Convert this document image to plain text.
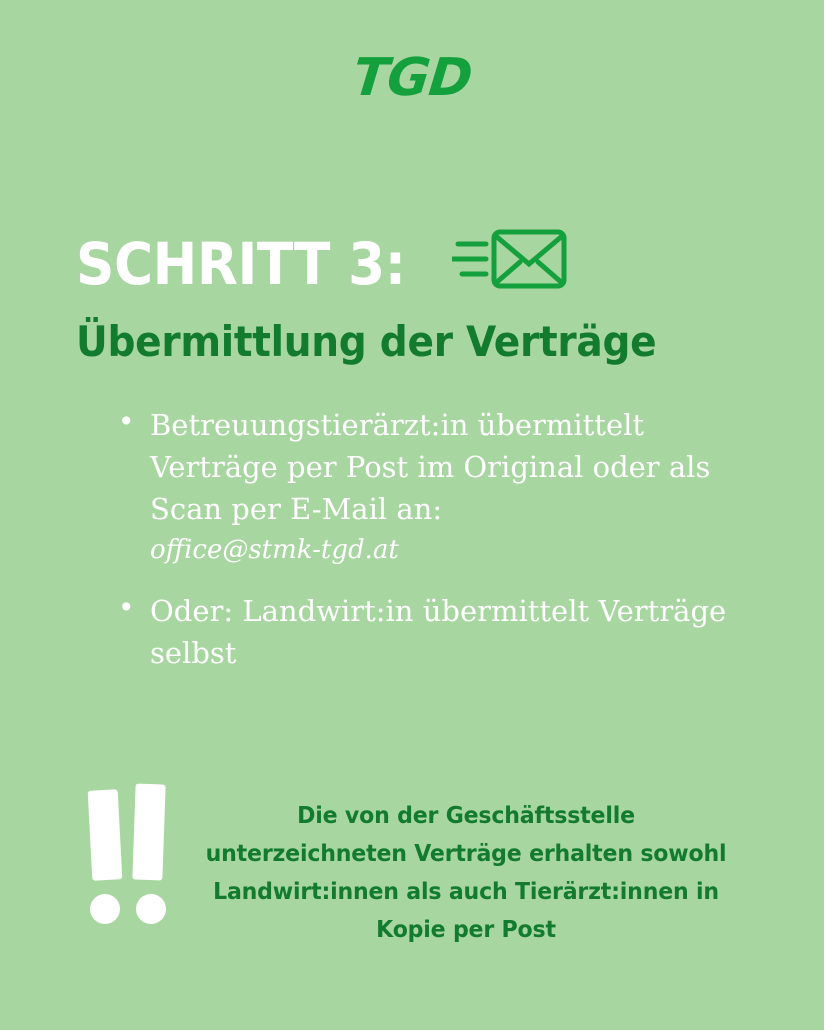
TGD
SCHRITT 3:
Übermittlung der Verträge
• Betreuungstierärzt:in übermittelt Verträge per Post im Original oder als Scan per E-Mail an:
office@stmk-tgd.at
• Oder: Landwirt:in übermittelt Verträge selbst
Die von der Geschäftsstelle unterzeichneten Verträge erhalten sowohl Landwirt:innen als auch Tierärzt:innen in Kopie per Post
